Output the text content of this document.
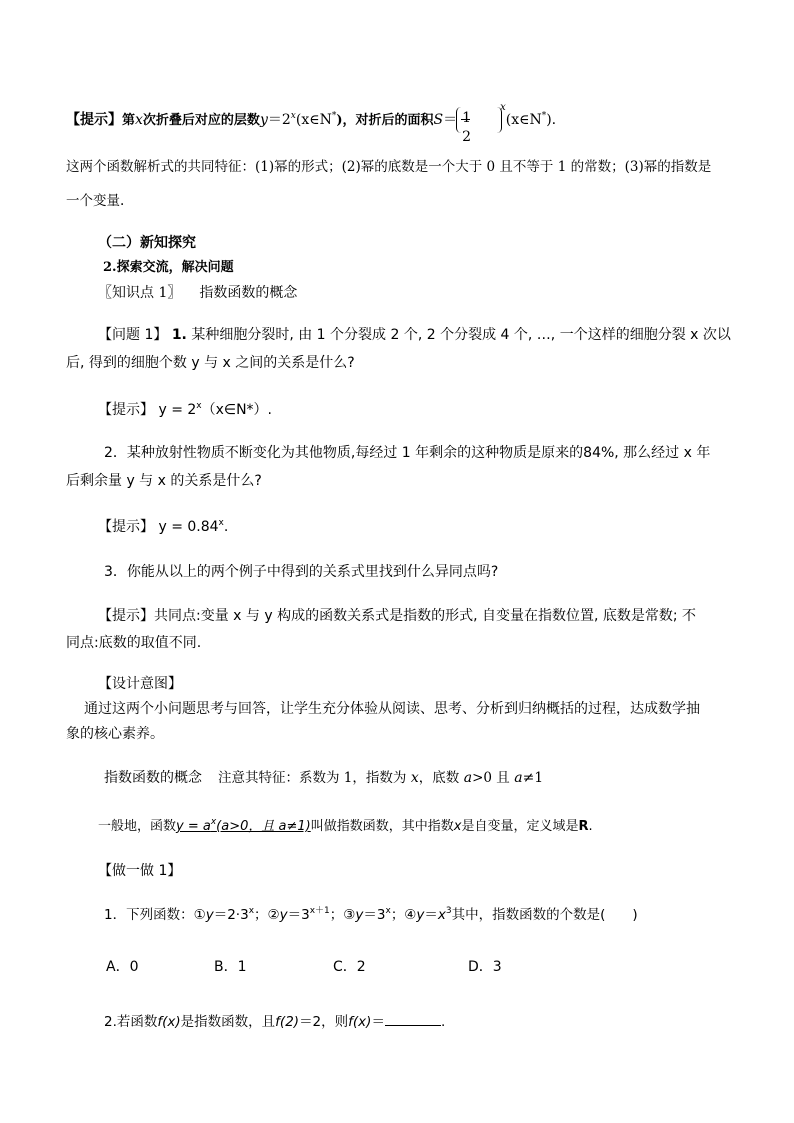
【提示】第x次折叠后对应的层数$y=2^x(x\in N^*)$，对折后的面积S＝ 1
2
$^x$(x∈N*).
这两个函数解析式的共同特征：(1)幂的形式；(2)幂的底数是一个大于 0 且不等于 1 的常数；(3)幂的指数是
一个变量.
（二）新知探究
2.探索交流，解决问题
〖知识点 1〗 指数函数的概念
【问题 1】 1. 某种细胞分裂时, 由 1 个分裂成 2 个, 2 个分裂成 4 个, …, 一个这样的细胞分裂 x 次以
后, 得到的细胞个数 y 与 x 之间的关系是什么?
【提示】 $y = 2^x(x\in N*)$.
2．某种放射性物质不断变化为其他物质,每经过 1 年剩余的这种物质是原来的84%, 那么经过 x 年
后剩余量 y 与 x 的关系是什么?
【提示】 $y = 0.84^x$.
3．你能从以上的两个例子中得到的关系式里找到什么异同点吗?
【提示】共同点:变量 x 与 y 构成的函数关系式是指数的形式, 自变量在指数位置, 底数是常数; 不
同点:底数的取值不同.
【设计意图】
通过这两个小问题思考与回答，让学生充分体验从阅读、思考、分析到归纳概括的过程，达成数学抽
象的核心素养。
指数函数的概念 注意其特征：系数为 1，指数为 x，底数 a>0 且 a≠1
一般地，函数$y = a^x(a>0$，且 a≠1)叫做指数函数，其中指数x是自变量，定义域是R.
【做一做 1】
1．下列函数：$①y=2\cdot 3^x$；$②y=3^{x+1}$；$③y=3^x$；$④y=x^3$其中，指数函数的个数是(　　)
A．0	B．1	C．2	D．3
2.若函数f(x)是指数函数，且f(2)＝2，则f(x)＝	.
